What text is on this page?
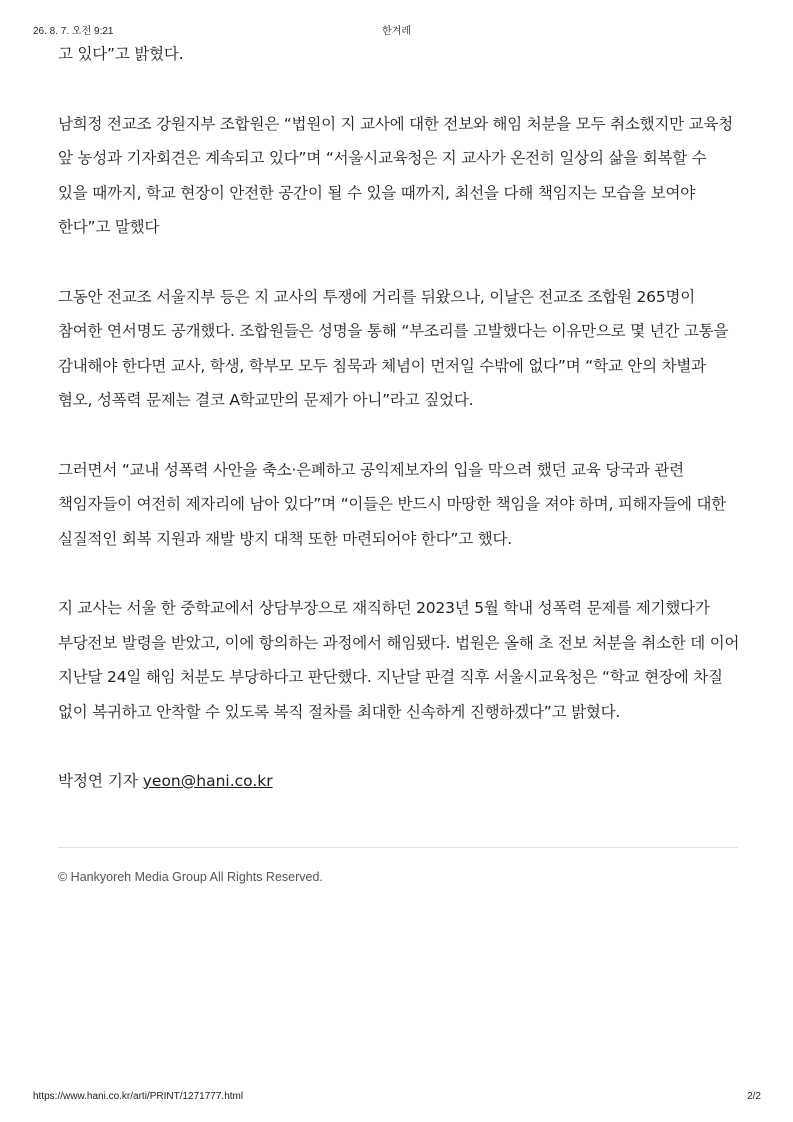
26. 8. 7. 오전 9:21	한겨레

고 있다”고 밝혔다.

남희정 전교조 강원지부 조합원은 “법원이 지 교사에 대한 전보와 해임 처분을 모두 취소했지만 교육청 앞 농성과 기자회견은 계속되고 있다”며 “서울시교육청은 지 교사가 온전히 일상의 삶을 회복할 수 있을 때까지, 학교 현장이 안전한 공간이 될 수 있을 때까지, 최선을 다해 책임지는 모습을 보여야 한다”고 말했다

그동안 전교조 서울지부 등은 지 교사의 투쟁에 거리를 뒤왔으나, 이날은 전교조 조합원 265명이 참여한 연서명도 공개했다. 조합원들은 성명을 통해 “부조리를 고발했다는 이유만으로 몇 년간 고통을 감내해야 한다면 교사, 학생, 학부모 모두 침묵과 체념이 먼저일 수밖에 없다”며 “학교 안의 차별과 혐오, 성폭력 문제는 결코 A학교만의 문제가 아니”라고 짚었다.

그러면서 “교내 성폭력 사안을 축소·은폐하고 공익제보자의 입을 막으려 했던 교육 당국과 관련 책임자들이 여전히 제자리에 남아 있다”며 “이들은 반드시 마땅한 책임을 져야 하며, 피해자들에 대한 실질적인 회복 지원과 재발 방지 대책 또한 마련되어야 한다”고 했다.

지 교사는 서울 한 중학교에서 상담부장으로 재직하던 2023년 5월 학내 성폭력 문제를 제기했다가 부당전보 발령을 받았고, 이에 항의하는 과정에서 해임됐다. 법원은 올해 초 전보 처분을 취소한 데 이어 지난달 24일 해임 처분도 부당하다고 판단했다. 지난달 판결 직후 서울시교육청은 “학교 현장에 차질 없이 복귀하고 안착할 수 있도록 복직 절차를 최대한 신속하게 진행하겠다”고 밝혔다.

박정연 기자 yeon@hani.co.kr

© Hankyoreh Media Group All Rights Reserved.
https://www.hani.co.kr/arti/PRINT/1271777.html	2/2
